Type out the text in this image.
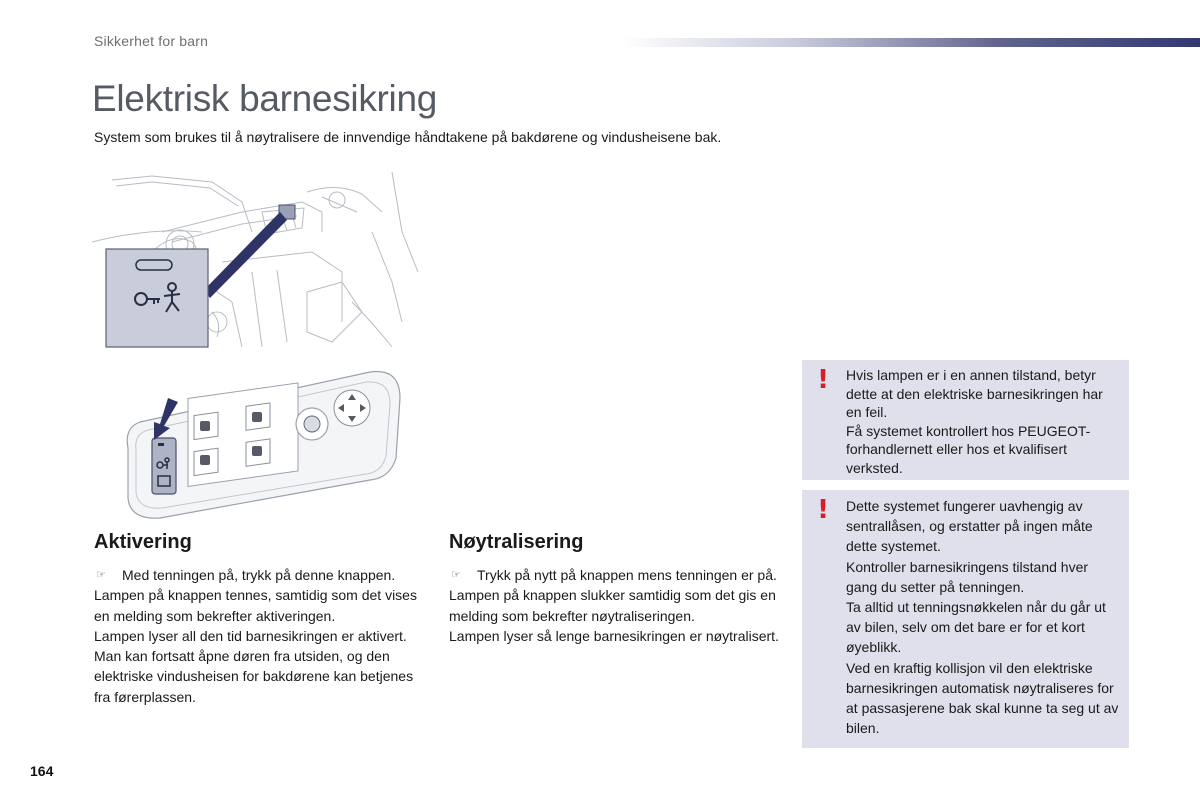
Sikkerhet for barn
Elektrisk barnesikring
System som brukes til å nøytralisere de innvendige håndtakene på bakdørene og vindusheisene bak.
Aktivering
☞	Med tenningen på, trykk på denne knappen.

Lampen på knappen tennes, samtidig som det vises en melding som bekrefter aktiveringen.

Lampen lyser all den tid barnesikringen er aktivert.

Man kan fortsatt åpne døren fra utsiden, og den elektriske vindusheisen for bakdørene kan betjenes fra førerplassen.

Nøytralisering
☞	Trykk på nytt på knappen mens tenningen er på.

Lampen på knappen slukker samtidig som det gis en melding som bekrefter nøytraliseringen.

Lampen lyser så lenge barnesikringen er nøytralisert.

! Hvis lampen er i en annen tilstand, betyr dette at den elektriske barnesikringen har en feil.

Få systemet kontrollert hos PEUGEOT-forhandlernett eller hos et kvalifisert verksted.

! Dette systemet fungerer uavhengig av sentrallåsen, og erstatter på ingen måte dette systemet.

Kontroller barnesikringens tilstand hver gang du setter på tenningen.

Ta alltid ut tenningsnøkkelen når du går ut av bilen, selv om det bare er for et kort øyeblikk.

Ved en kraftig kollisjon vil den elektriske barnesikringen automatisk nøytraliseres for at passasjerene bak skal kunne ta seg ut av bilen.

164
